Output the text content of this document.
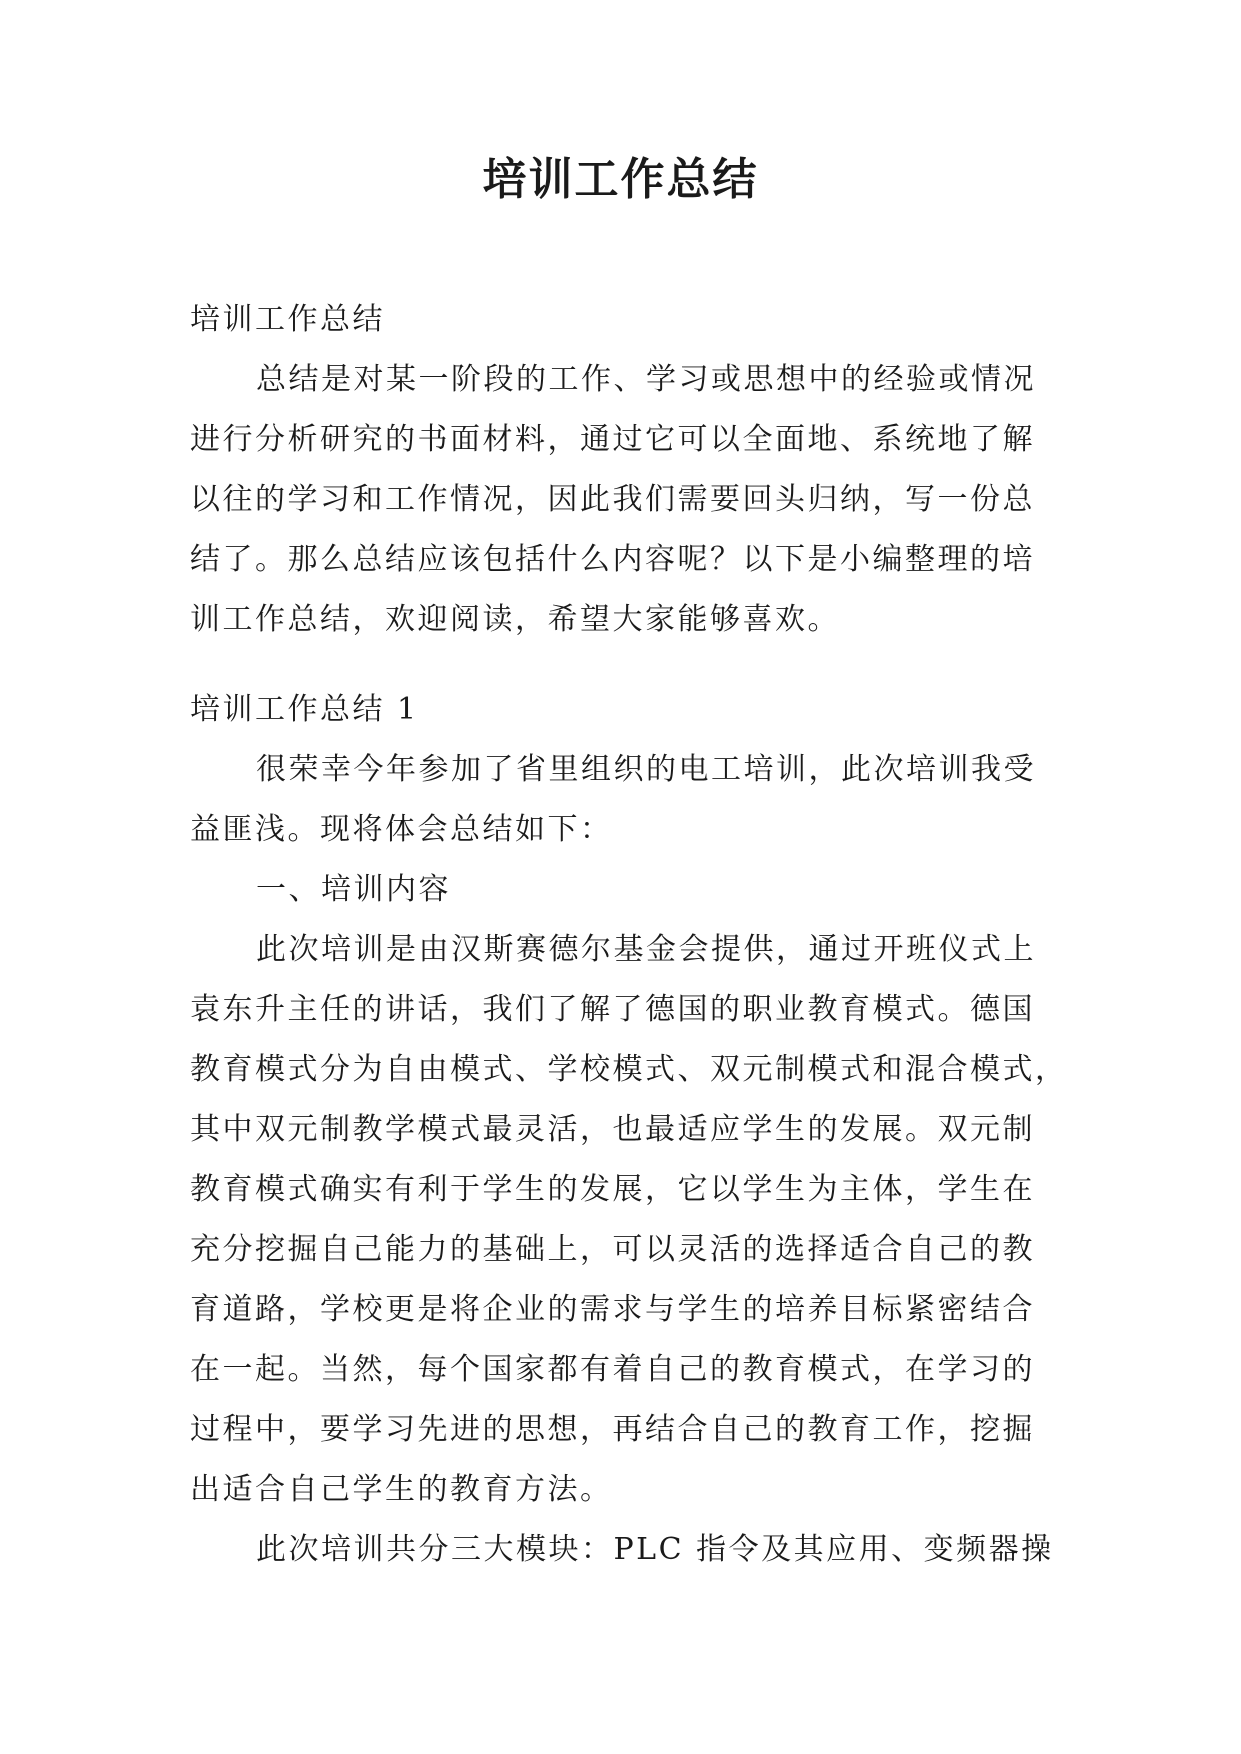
培训工作总结

培训工作总结

总结是对某一阶段的工作、学习或思想中的经验或情况

进行分析研究的书面材料，通过它可以全面地、系统地了解

以往的学习和工作情况，因此我们需要回头归纳，写一份总

结了。那么总结应该包括什么内容呢？以下是小编整理的培

训工作总结，欢迎阅读，希望大家能够喜欢。

培训工作总结 1

很荣幸今年参加了省里组织的电工培训，此次培训我受

益匪浅。现将体会总结如下：

一、培训内容

此次培训是由汉斯赛德尔基金会提供，通过开班仪式上

袁东升主任的讲话，我们了解了德国的职业教育模式。德国

教育模式分为自由模式、学校模式、双元制模式和混合模式，

其中双元制教学模式最灵活，也最适应学生的发展。双元制

教育模式确实有利于学生的发展，它以学生为主体，学生在

充分挖掘自己能力的基础上，可以灵活的选择适合自己的教

育道路，学校更是将企业的需求与学生的培养目标紧密结合

在一起。当然，每个国家都有着自己的教育模式，在学习的

过程中，要学习先进的思想，再结合自己的教育工作，挖掘

出适合自己学生的教育方法。

此次培训共分三大模块：PLC 指令及其应用、变频器操
